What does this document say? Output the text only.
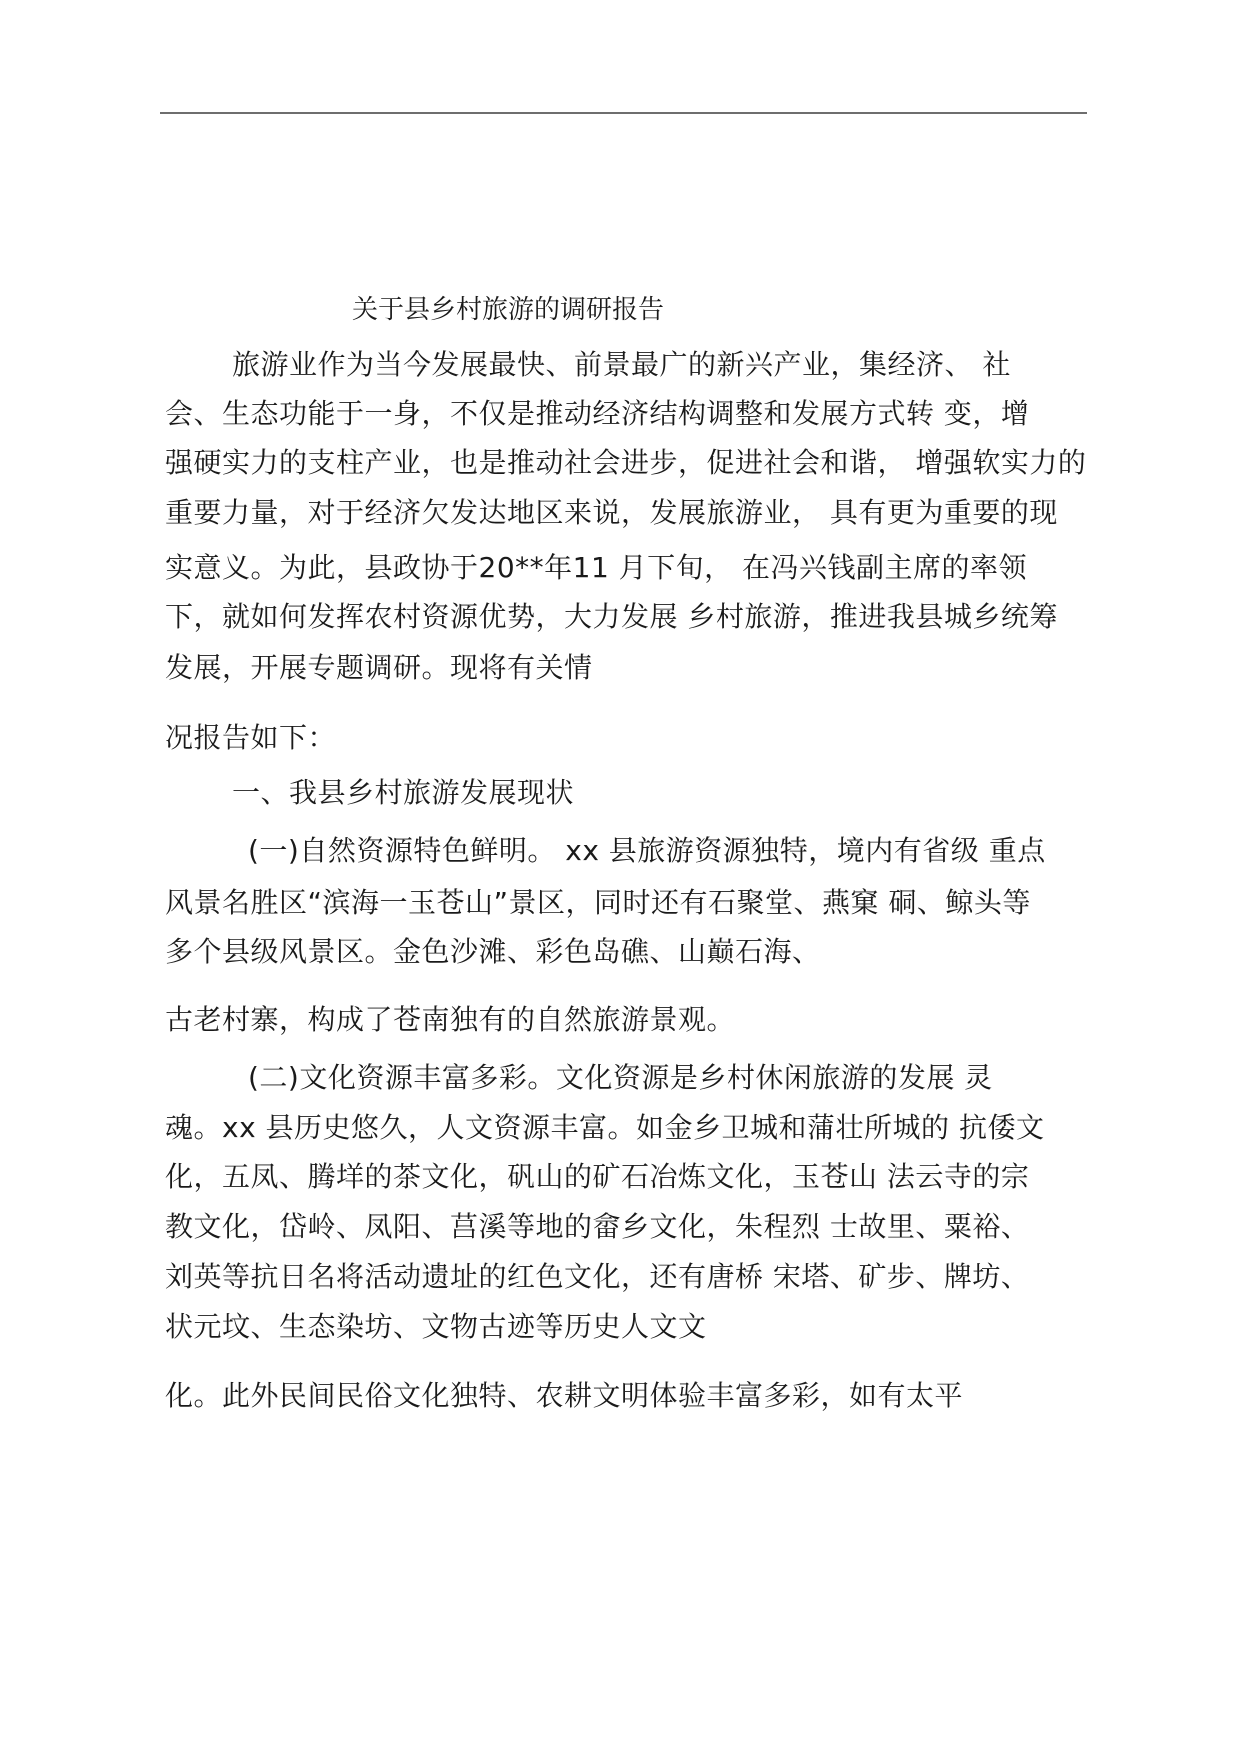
关于县乡村旅游的调研报告

旅游业作为当今发展最快、前景最广的新兴产业，集经济、 社

会、生态功能于一身，不仅是推动经济结构调整和发展方式转 变，增

强硬实力的支柱产业，也是推动社会进步，促进社会和谐， 增强软实力的

重要力量，对于经济欠发达地区来说，发展旅游业， 具有更为重要的现

实意义。为此，县政协于20**年11 月下旬， 在冯兴钱副主席的率领

下，就如何发挥农村资源优势，大力发展 乡村旅游，推进我县城乡统筹

发展，开展专题调研。现将有关情

况报告如下：

一、我县乡村旅游发展现状

(一)自然资源特色鲜明。 xx 县旅游资源独特，境内有省级 重点

风景名胜区“滨海一玉苍山”景区，同时还有石聚堂、燕窠 硐、鲸头等

多个县级风景区。金色沙滩、彩色岛礁、山巅石海、

古老村寨，构成了苍南独有的自然旅游景观。

(二)文化资源丰富多彩。文化资源是乡村休闲旅游的发展 灵

魂。xx 县历史悠久，人文资源丰富。如金乡卫城和蒲壮所城的 抗倭文

化，五凤、腾垟的茶文化，矾山的矿石冶炼文化，玉苍山 法云寺的宗

教文化，岱岭、凤阳、莒溪等地的畲乡文化，朱程烈 士故里、粟裕、

刘英等抗日名将活动遗址的红色文化，还有唐桥 宋塔、矿步、牌坊、

状元坟、生态染坊、文物古迹等历史人文文

化。此外民间民俗文化独特、农耕文明体验丰富多彩，如有太平
